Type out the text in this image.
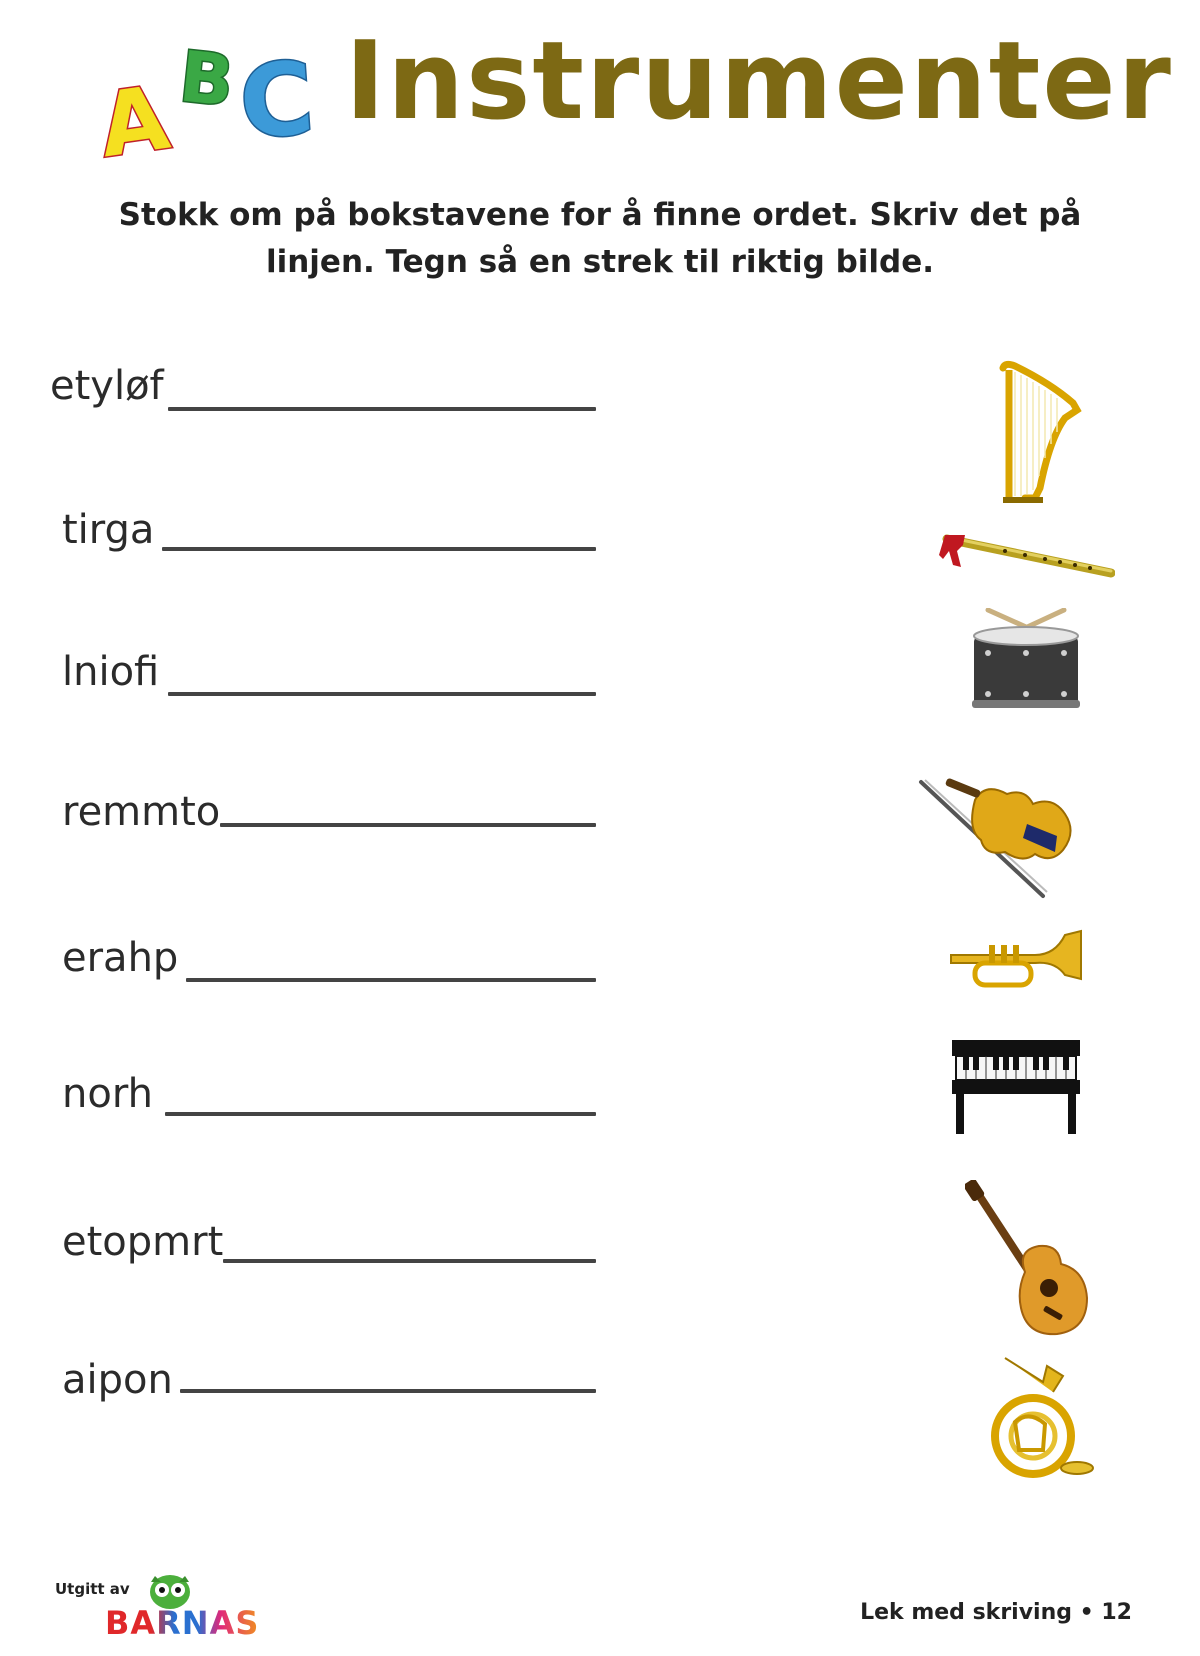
A B
C Instrumenter
Stokk om på bokstavene for å finne ordet. Skriv det på linjen. Tegn så en strek til riktig bilde.
etyløf
tirga
lniofi
remmto
erahp
norh
etopmrt
aipon
Utgitt av
BARNAS	Lek med skriving • 12
